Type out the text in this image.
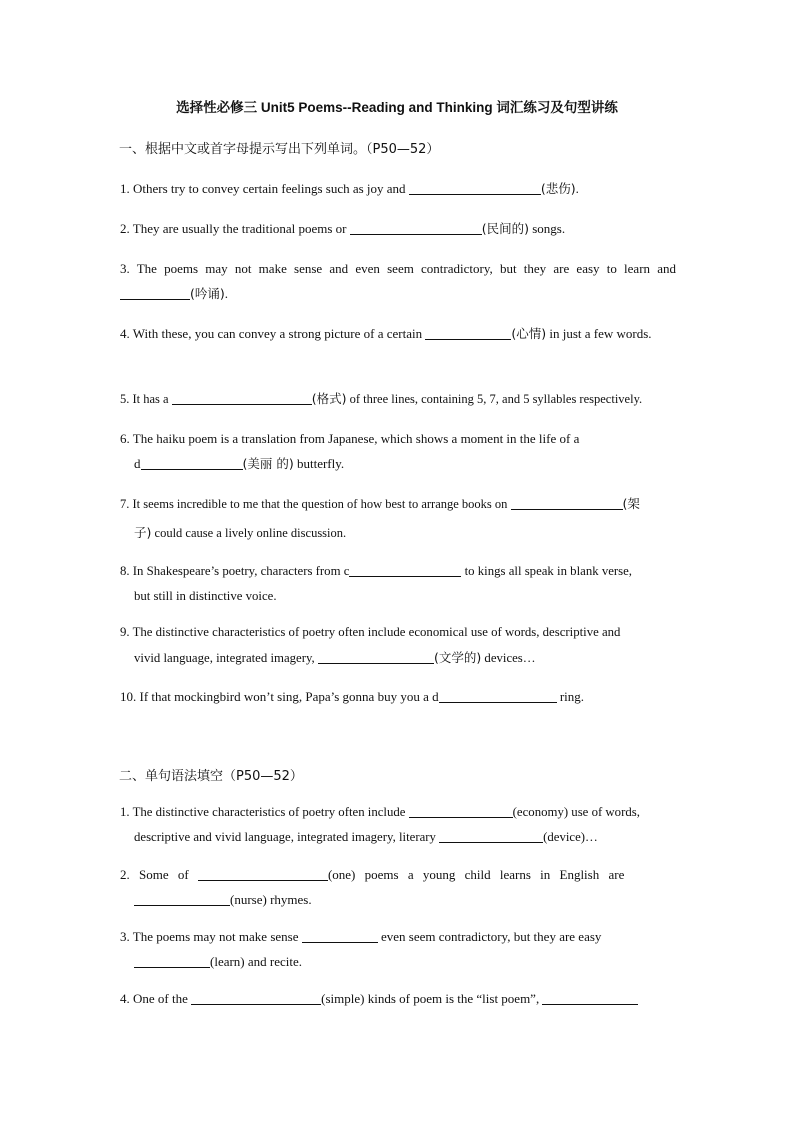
选择性必修三 Unit5 Poems--Reading and Thinking 词汇练习及句型讲练
一、根据中文或首字母提示写出下列单词。（P50—52）
1. Others try to convey certain feelings such as joy and	(悲伤).
2. They are usually the traditional poems or	(民间的) songs.
3. The poems may not make sense and even seem contradictory, but they are easy to learn and (吟诵).
4. With these, you can convey a strong picture of a certain	(心情) in just a few words.
5. It has a	(格式) of three lines, containing 5, 7, and 5 syllables respectively.
6. The haiku poem is a translation from Japanese, which shows a moment in the life of a
d	(美丽 的) butterfly.
7. It seems incredible to me that the question of how best to arrange books on	(架
子) could cause a lively online discussion.
8. In Shakespeare’s poetry, characters from c	to kings all speak in blank verse,
but still in distinctive voice.
9. The distinctive characteristics of poetry often include economical use of words, descriptive and
vivid language, integrated imagery,	(文学的) devices…
10. If that mockingbird won’t sing, Papa’s gonna buy you a d	ring.
二、单句语法填空（P50—52）
1. The distinctive characteristics of poetry often include	(economy) use of words,
descriptive and vivid language, integrated imagery, literary	(device)…
2. Some of	(one) poems a young child learns in English are
(nurse) rhymes.
3. The poems may not make sense	even seem contradictory, but they are easy
(learn) and recite.
4. One of the	(simple) kinds of poem is the “list poem”,
